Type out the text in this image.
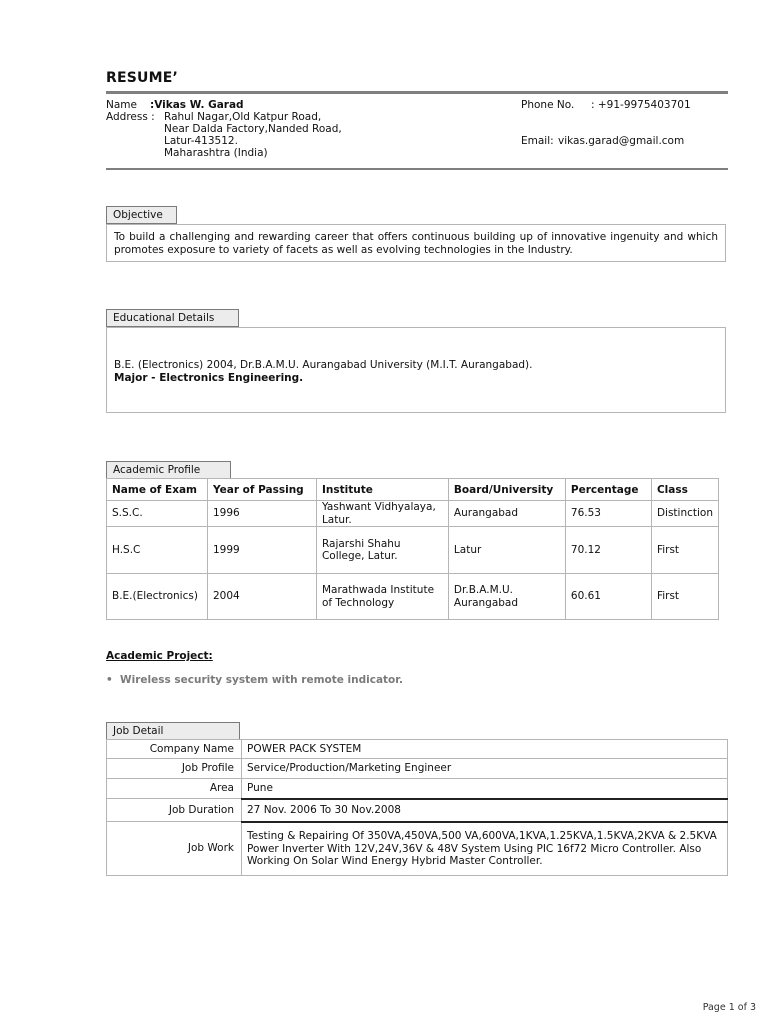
RESUME’
Name :Vikas W. Garad
Address : Rahul Nagar,Old Katpur Road,
Near Dalda Factory,Nanded Road,
Latur-413512.
Maharashtra (India)
Phone No. : +91-9975403701
Email: vikas.garad@gmail.com
Objective
To build a challenging and rewarding career that offers continuous building up of innovative ingenuity and which promotes exposure to variety of facets as well as evolving technologies in the Industry.
Educational Details
B.E. (Electronics) 2004, Dr.B.A.M.U. Aurangabad University (M.I.T. Aurangabad).
Major - Electronics Engineering.
Academic Profile
Name of Exam	Year of Passing	Institute	Board/University	Percentage	Class
S.S.C.	1996	Yashwant Vidhyalaya, Latur.	Aurangabad	76.53	Distinction
H.S.C	1999	Rajarshi Shahu College, Latur.	Latur	70.12	First
B.E.(Electronics)	2004	Marathwada Institute of Technology	Dr.B.A.M.U. Aurangabad	60.61	First
Academic Project:
• Wireless security system with remote indicator.
Job Detail
Company Name	POWER PACK SYSTEM
Job Profile	Service/Production/Marketing Engineer
Area	Pune
Job Duration	27 Nov. 2006 To 30 Nov.2008
Job Work	Testing & Repairing Of 350VA,450VA,500 VA,600VA,1KVA,1.25KVA,1.5KVA,2KVA & 2.5KVA Power Inverter With 12V,24V,36V & 48V System Using PIC 16f72 Micro Controller. Also Working On Solar Wind Energy Hybrid Master Controller.
Page 1 of 3
